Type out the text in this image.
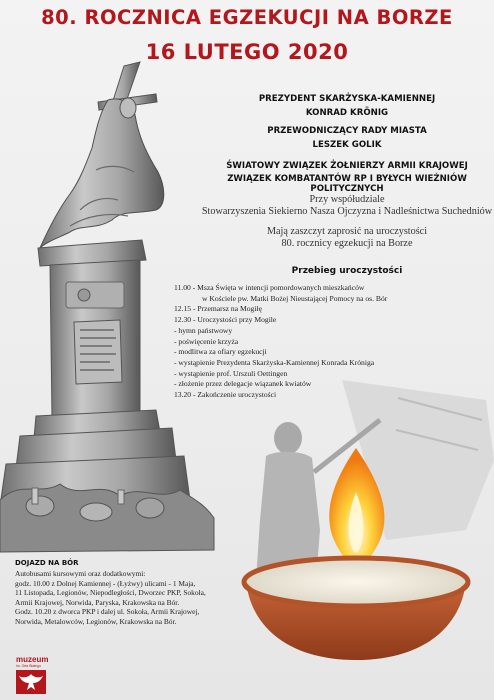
80. ROCZNICA EGZEKUCJI NA BORZE
16 LUTEGO 2020
PREZYDENT SKARŻYSKA-KAMIENNEJ
KONRAD KRÖNIG
PRZEWODNICZĄCY RADY MIASTA
LESZEK GOLIK
ŚWIATOWY ZWIĄZEK ŻOŁNIERZY ARMII KRAJOWEJ
ZWIĄZEK KOMBATANTÓW RP I BYŁYCH WIEŹNIÓW POLITYCZNYCH
Przy współudziale
Stowarzyszenia Siekierno Nasza Ojczyzna i Nadleśnictwa Suchedniów
Mają zaszczyt zaprosić na uroczystości
80. rocznicy egzekucji na Borze
Przebieg uroczystości
11.00 - Msza Święta w intencji pomordowanych mieszkańców
w Kościele pw. Matki Bożej Nieustającej Pomocy na os. Bór
12.15 - Przemarsz na Mogiłę
12.30 - Uroczystości przy Mogile
- hymn państwowy
- poświęcenie krzyża
- modlitwa za ofiary egzekucji
- wystąpienie Prezydenta Skarżyska-Kamiennej Konrada Króniga
- wystąpienie prof. Urszuli Oettingen
- złożenie przez delegacje wiązanek kwiatów
13.20 - Zakończenie uroczystości
DOJAZD NA BÓR
Autobusami kursowymi oraz dodatkowymi:
godz. 10.00 z Dolnej Kamiennej - (Łyżwy) ulicami - 1 Maja,
11 Listopada, Legionów, Niepodległości, Dworzec PKP, Sokoła,
Armii Krajowej, Norwida, Paryska, Krakowska na Bór.
Godz. 10.20 z dworca PKP i dalej ul. Sokoła, Armii Krajowej,
Norwida, Metalowców, Legionów, Krakowska na Bór.
muzeum
im. Orła Białego
